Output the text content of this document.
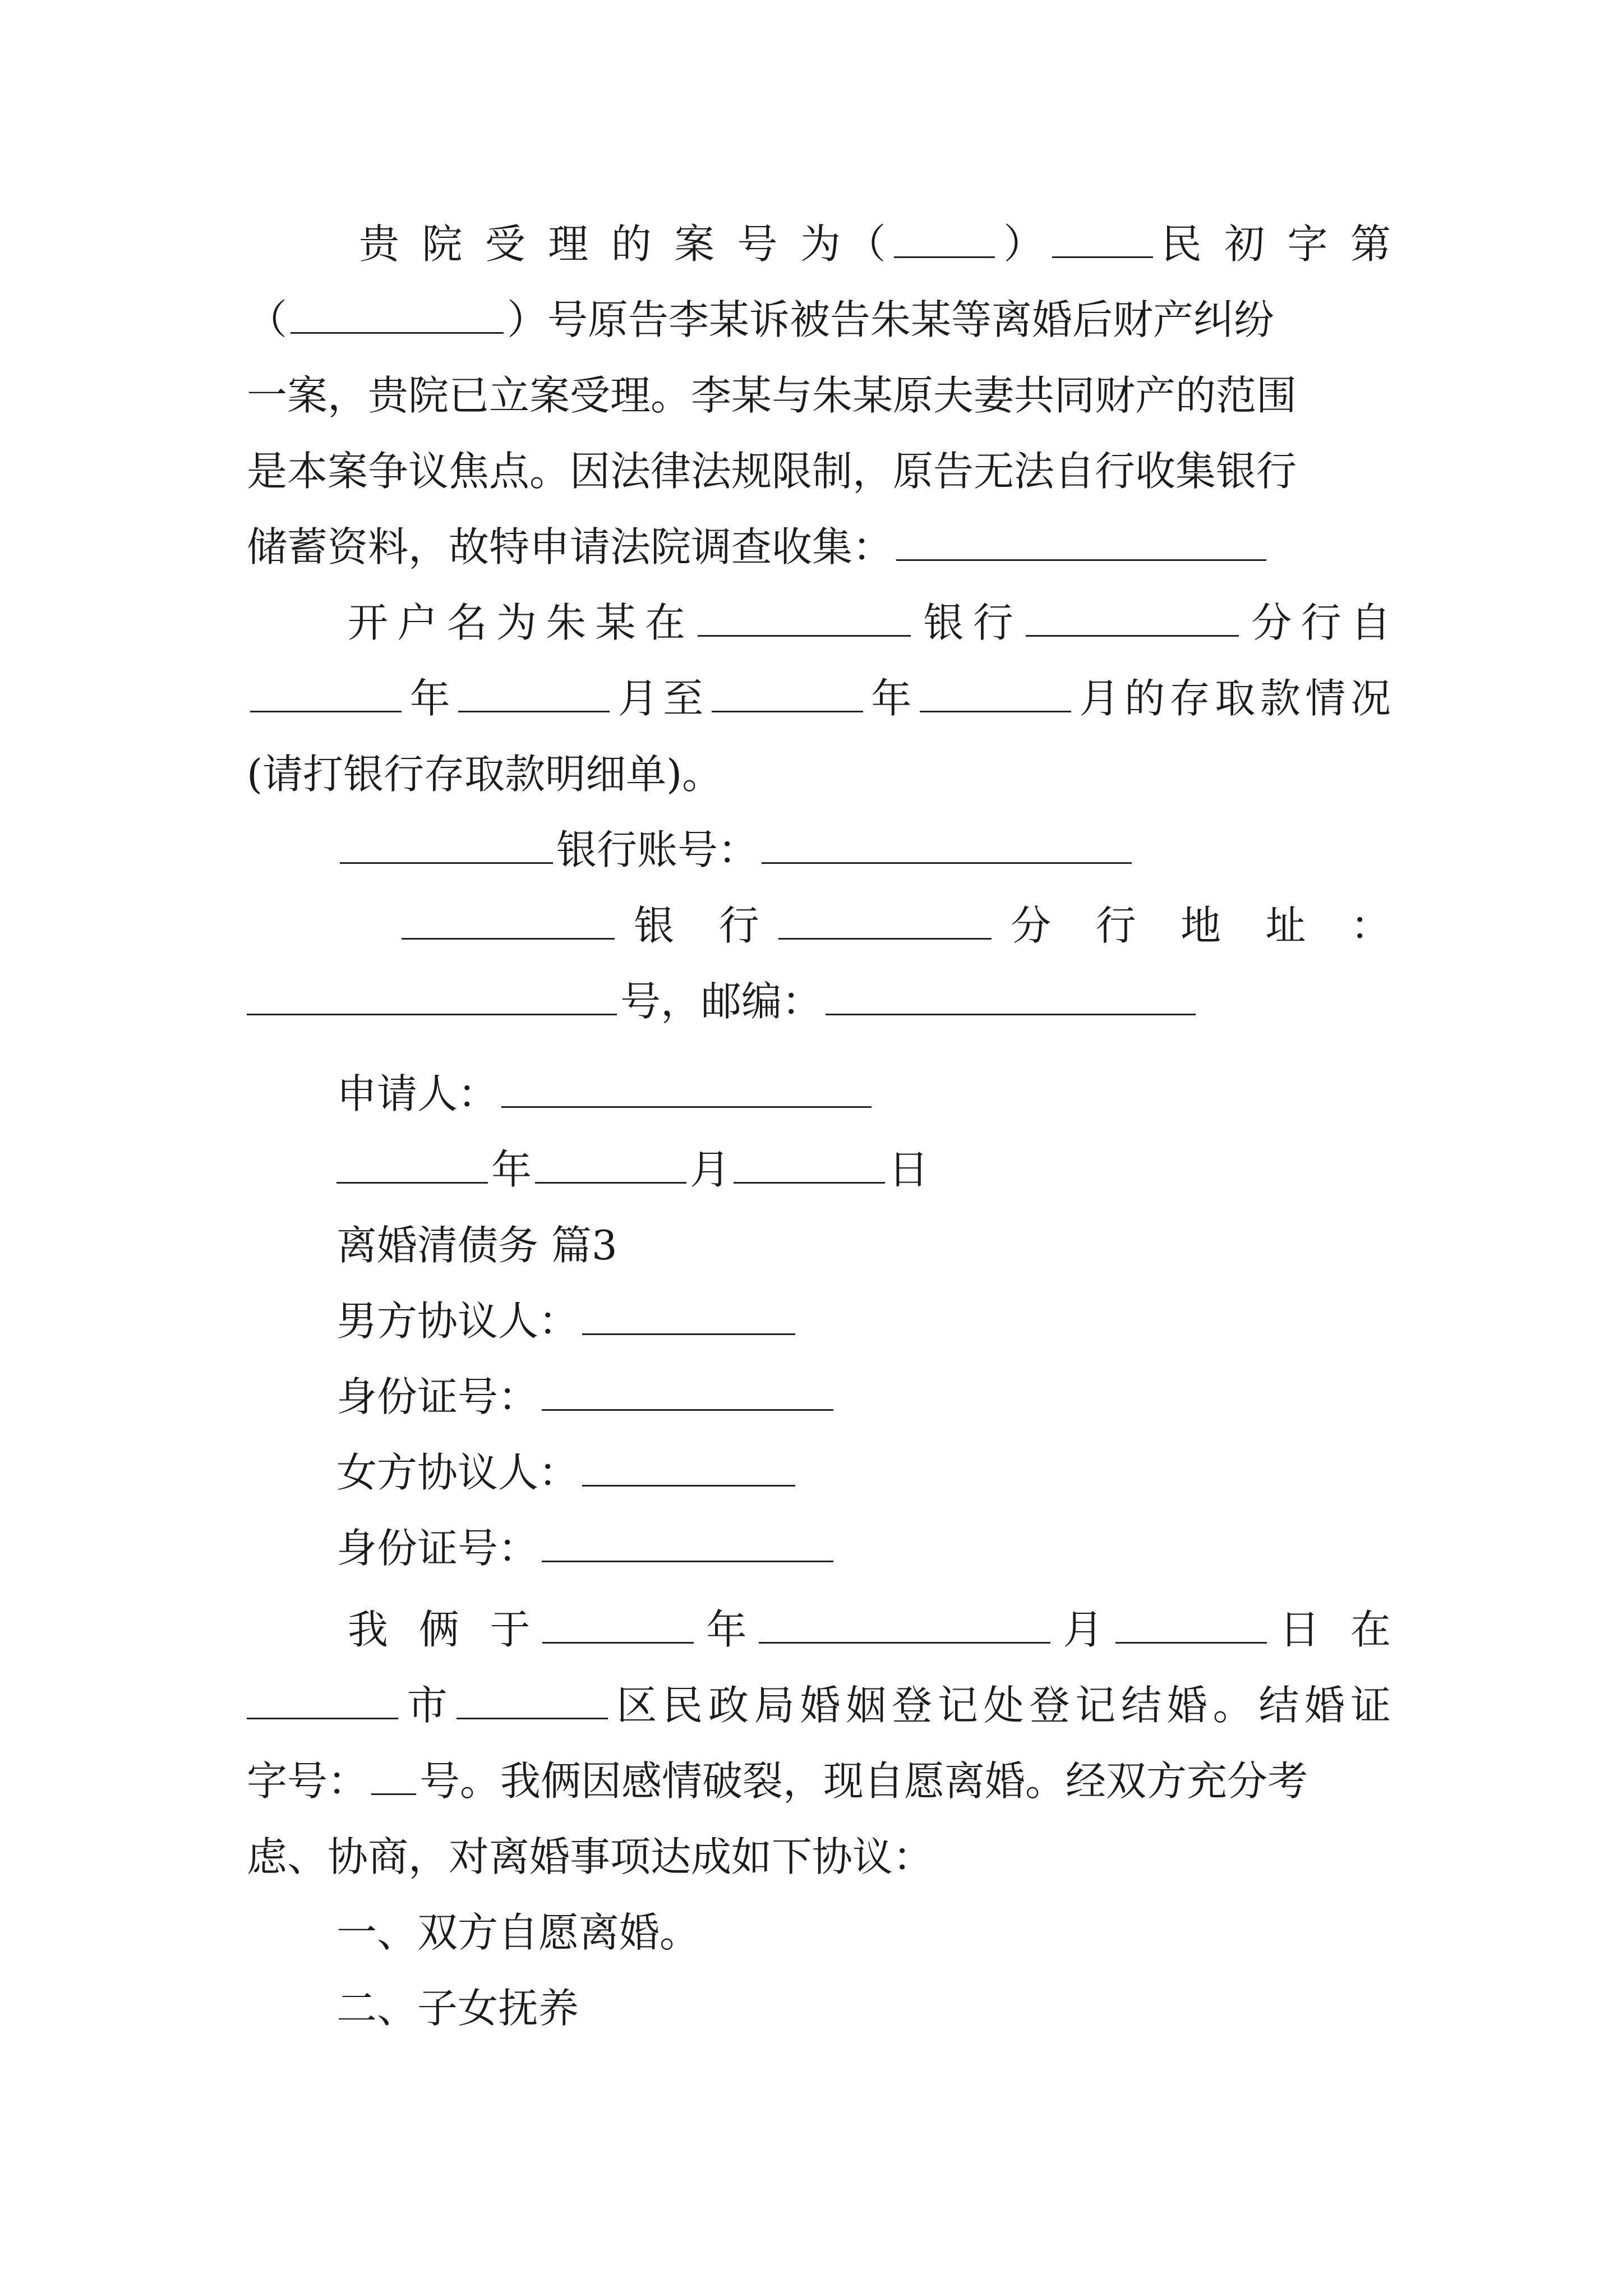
贵 院 受 理 的 案 号 为（	）	民 初 字 第
（	）号原告李某诉被告朱某等离婚后财产纠纷
一案，贵院已立案受理。李某与朱某原夫妻共同财产的范围
是本案争议焦点。因法律法规限制，原告无法自行收集银行
储蓄资料，故特申请法院调查收集：
开户名为朱某在	银行	分行自
年	月至	年	月的存取款情况
(请打银行存取款明细单)。
银行账号：
银 行	分 行 地 址 ：
号，邮编：
申请人：
年	月	日
离婚清债务 篇3
男方协议人：
身份证号：
女方协议人：
身份证号：
我 俩 于	年	月	日 在
市	区民政局婚姻登记处登记结婚。结婚证
字号： 号。我俩因感情破裂，现自愿离婚。经双方充分考
虑、协商，对离婚事项达成如下协议：
一、双方自愿离婚。
二、子女抚养
